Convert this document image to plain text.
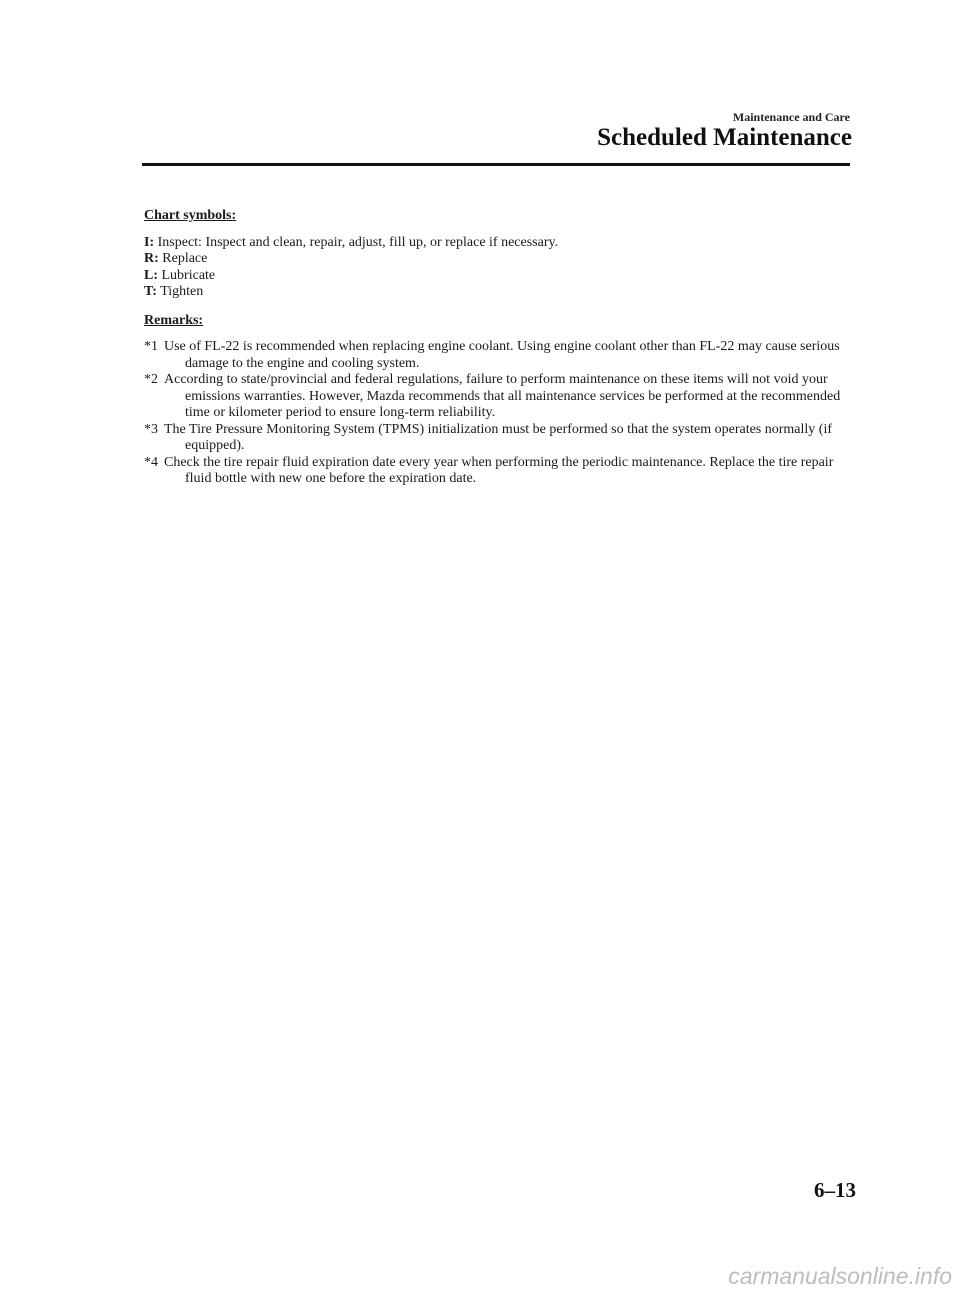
Maintenance and Care
Scheduled Maintenance
Chart symbols:
I: Inspect: Inspect and clean, repair, adjust, fill up, or replace if necessary.
R: Replace
L: Lubricate
T: Tighten
Remarks:
*1 Use of FL-22 is recommended when replacing engine coolant. Using engine coolant other than FL-22 may cause serious damage to the engine and cooling system.
*2 According to state/provincial and federal regulations, failure to perform maintenance on these items will not void your emissions warranties. However, Mazda recommends that all maintenance services be performed at the recommended time or kilometer period to ensure long-term reliability.
*3 The Tire Pressure Monitoring System (TPMS) initialization must be performed so that the system operates normally (if equipped).
*4 Check the tire repair fluid expiration date every year when performing the periodic maintenance. Replace the tire repair fluid bottle with new one before the expiration date.
6–13
carmanualsonline.info
